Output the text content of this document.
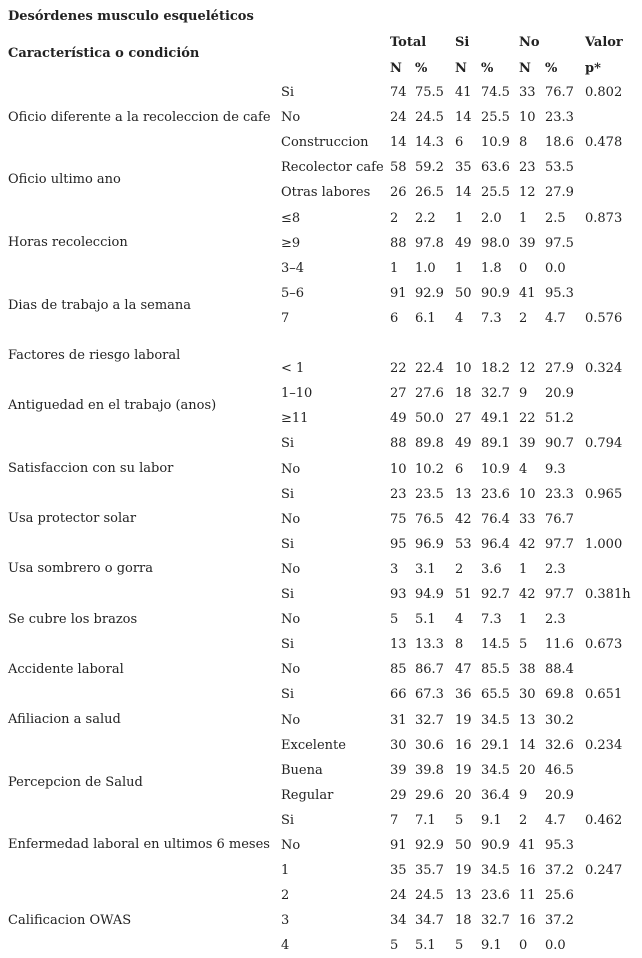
Desórdenes musculo esqueléticos
Característica o condición
Total Si	No	Valor
N % N % N % p*
Oficio diferente a la recoleccion de cafe
Si	74 75.5 41 74.5 33 76.7 0.802
No	24 24.5 14 25.5 10 23.3
Oficio ultimo ano
Construccion 14 14.3 6 10.9 8 18.6 0.478
Recolector cafe 58 59.2 35 63.6 23 53.5
Otras labores 26 26.5 14 25.5 12 27.9
Horas recoleccion
≤8	2 2.2 1 2.0 1 2.5 0.873
≥9	88 97.8 49 98.0 39 97.5
Dias de trabajo a la semana
3–4	1 1.0 1 1.8 0 0.0
5–6	91 92.9 50 90.9 41 95.3
7	6 6.1 4 7.3 2 4.7 0.576
Factores de riesgo laboral
Antiguedad en el trabajo (anos)
< 1	22 22.4 10 18.2 12 27.9 0.324
1–10	27 27.6 18 32.7 9 20.9
≥11	49 50.0 27 49.1 22 51.2
Satisfaccion con su labor
Si	88 89.8 49 89.1 39 90.7 0.794
No	10 10.2 6 10.9 4 9.3
Usa protector solar
Si	23 23.5 13 23.6 10 23.3 0.965
No	75 76.5 42 76.4 33 76.7
Usa sombrero o gorra
Si	95 96.9 53 96.4 42 97.7 1.000
No	3 3.1 2 3.6 1 2.3
Se cubre los brazos
Si	93 94.9 51 92.7 42 97.7 0.381h
No	5 5.1 4 7.3 1 2.3
Accidente laboral
Si	13 13.3 8 14.5 5 11.6 0.673
No	85 86.7 47 85.5 38 88.4
Afiliacion a salud
Si	66 67.3 36 65.5 30 69.8 0.651
No	31 32.7 19 34.5 13 30.2
Percepcion de Salud
Excelente	30 30.6 16 29.1 14 32.6 0.234
Buena	39 39.8 19 34.5 20 46.5
Regular	29 29.6 20 36.4 9 20.9
Enfermedad laboral en ultimos 6 meses
Si	7 7.1 5 9.1 2 4.7 0.462
No	91 92.9 50 90.9 41 95.3
Calificacion OWAS
1	35 35.7 19 34.5 16 37.2 0.247
2	24 24.5 13 23.6 11 25.6
3	34 34.7 18 32.7 16 37.2
4	5 5.1 5 9.1 0 0.0
